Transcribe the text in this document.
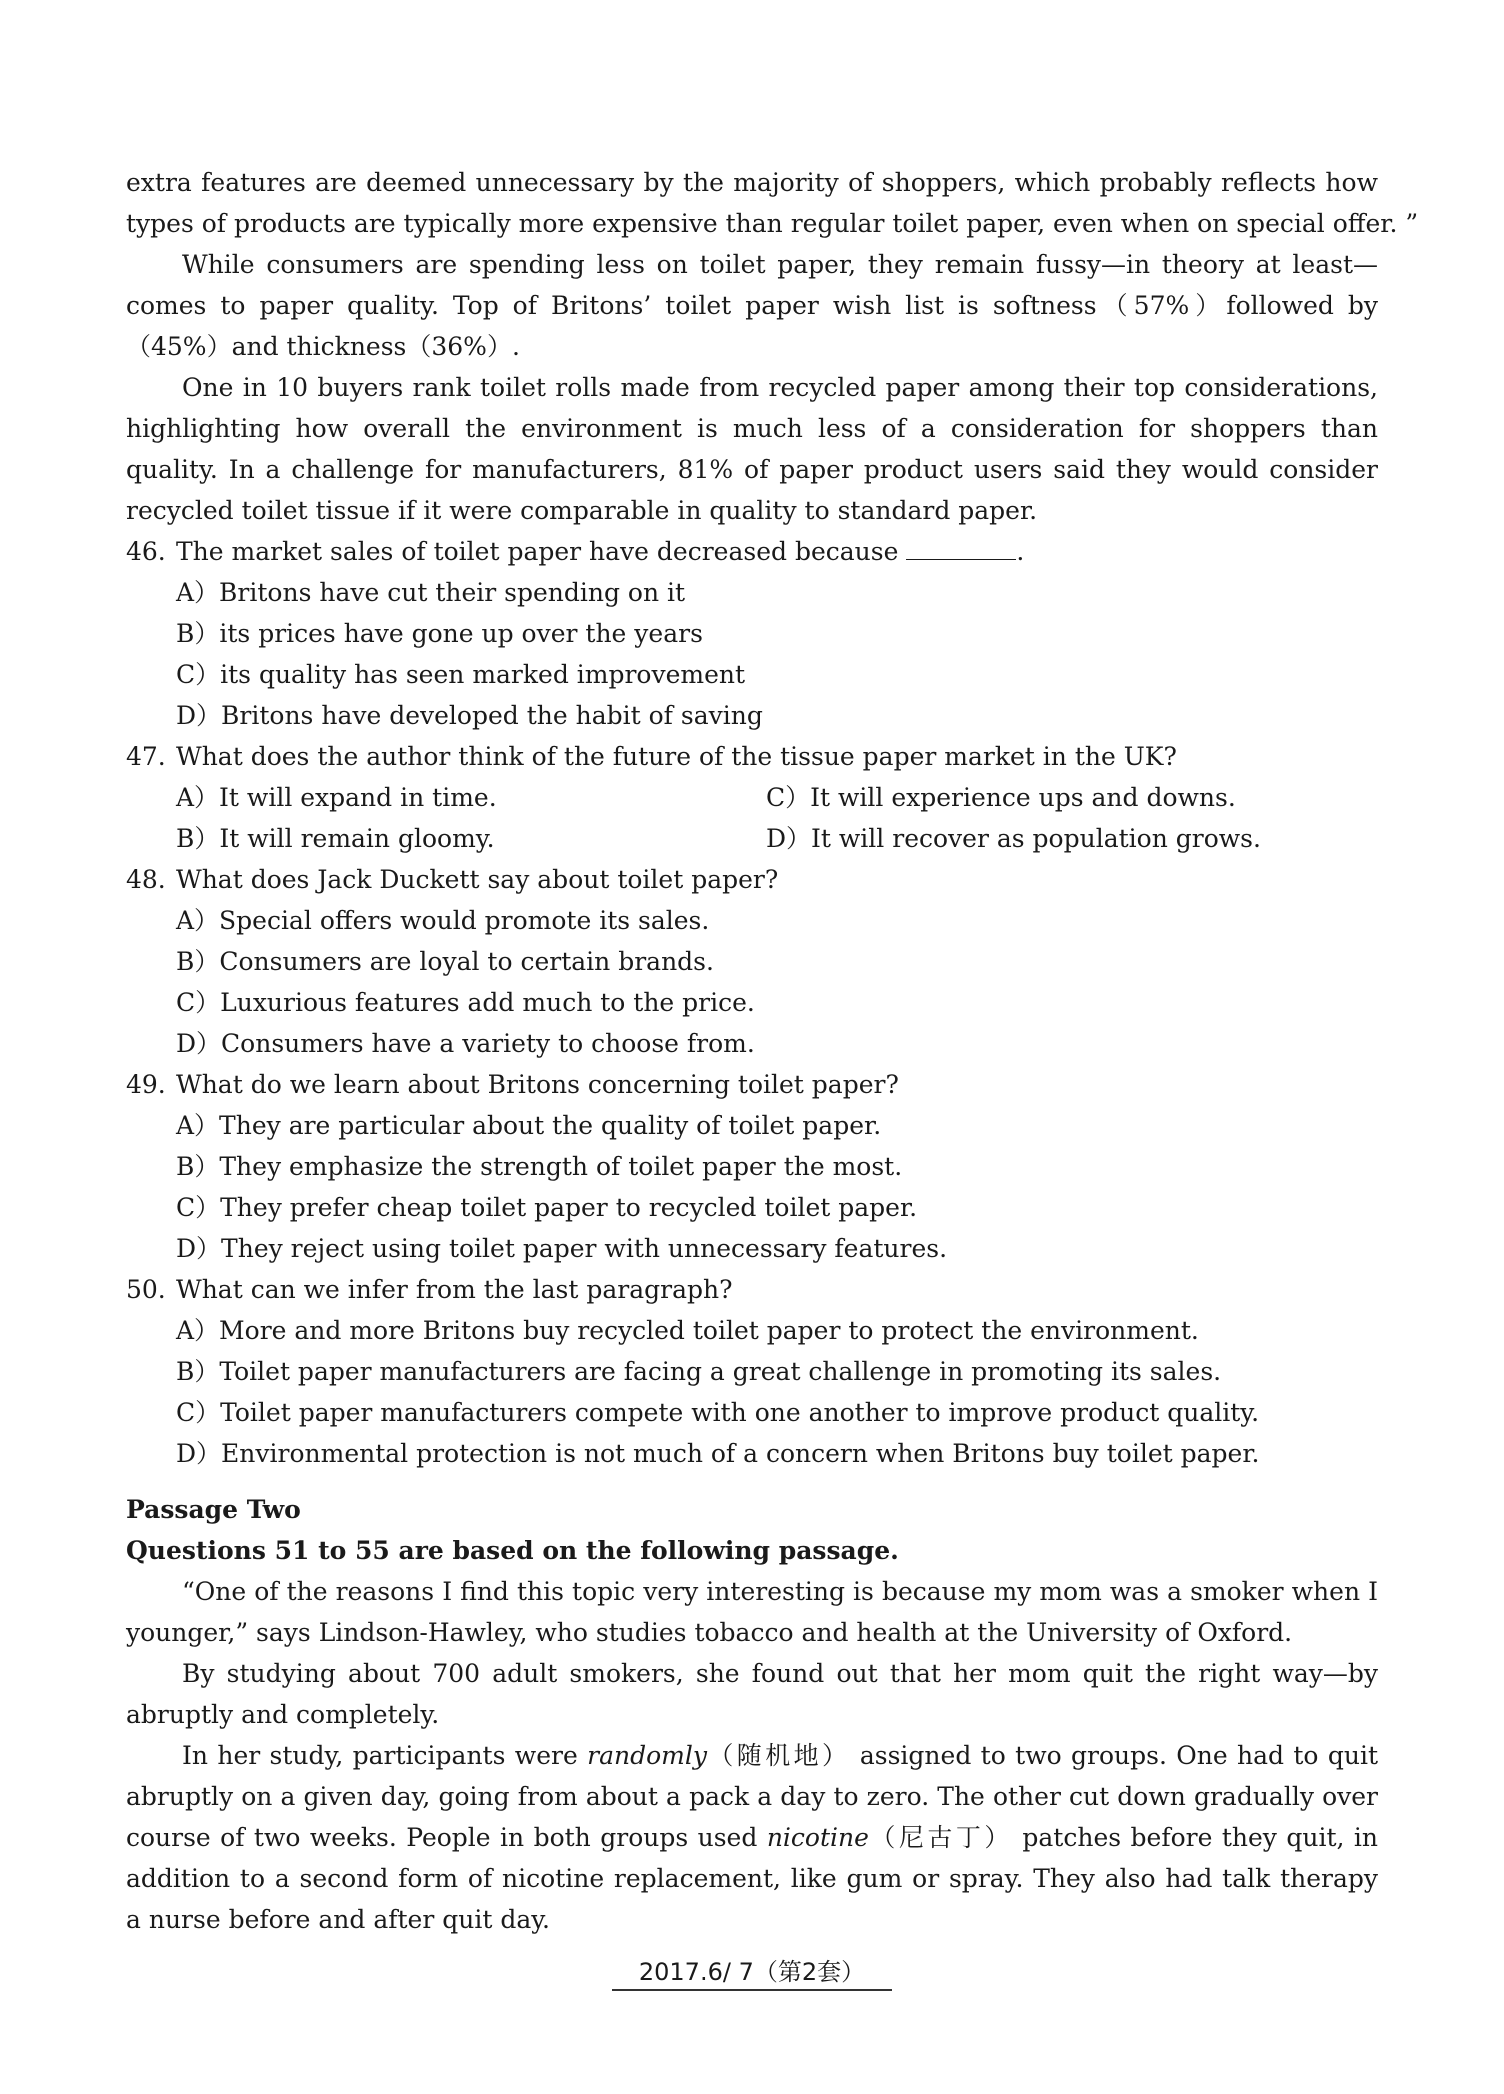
extra features are deemed unnecessary by the majority of shoppers, which probably reflects how
types of products are typically more expensive than regular toilet paper, even when on special offer. ”
While consumers are spending less on toilet paper, they remain fussy—in theory at least—
comes to paper quality. Top of Britons’ toilet paper wish list is softness（57%）followed by
（45%）and thickness（36%）.
One in 10 buyers rank toilet rolls made from recycled paper among their top considerations,
highlighting how overall the environment is much less of a consideration for shoppers than
quality. In a challenge for manufacturers, 81% of paper product users said they would consider
recycled toilet tissue if it were comparable in quality to standard paper.
46. The market sales of toilet paper have decreased because	.
A）Britons have cut their spending on it
B）its prices have gone up over the years
C）its quality has seen marked improvement
D）Britons have developed the habit of saving
47. What does the author think of the future of the tissue paper market in the UK?
A）It will expand in time.	C）It will experience ups and downs.
B）It will remain gloomy.	D）It will recover as population grows.
48. What does Jack Duckett say about toilet paper?
A）Special offers would promote its sales.
B）Consumers are loyal to certain brands.
C）Luxurious features add much to the price.
D）Consumers have a variety to choose from.
49. What do we learn about Britons concerning toilet paper?
A）They are particular about the quality of toilet paper.
B）They emphasize the strength of toilet paper the most.
C）They prefer cheap toilet paper to recycled toilet paper.
D）They reject using toilet paper with unnecessary features.
50. What can we infer from the last paragraph?
A）More and more Britons buy recycled toilet paper to protect the environment.
B）Toilet paper manufacturers are facing a great challenge in promoting its sales.
C）Toilet paper manufacturers compete with one another to improve product quality.
D）Environmental protection is not much of a concern when Britons buy toilet paper.
Passage Two
Questions 51 to 55 are based on the following passage.
“One of the reasons I find this topic very interesting is because my mom was a smoker when I
younger,” says Lindson-Hawley, who studies tobacco and health at the University of Oxford.
By studying about 700 adult smokers, she found out that her mom quit the right way—by
abruptly and completely.
In her study, participants were randomly（随机地） assigned to two groups. One had to quit
abruptly on a given day, going from about a pack a day to zero. The other cut down gradually over
course of two weeks. People in both groups used nicotine（尼古丁） patches before they quit, in
addition to a second form of nicotine replacement, like gum or spray. They also had talk therapy
a nurse before and after quit day.
2017.6/ 7（第2套）
